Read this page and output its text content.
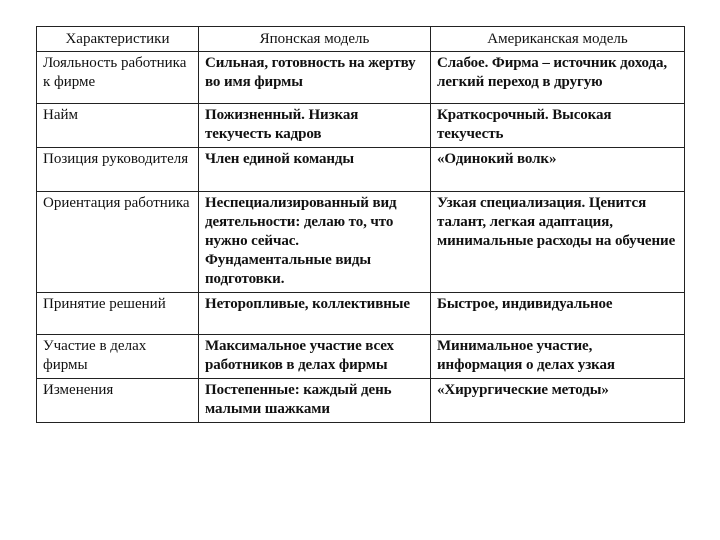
Характеристики	Японская модель	Американская модель
Лояльность работника к фирме	Сильная, готовность на жертву во имя фирмы	Слабое. Фирма – источник дохода, легкий переход в другую
Найм	Пожизненный. Низкая текучесть кадров	Краткосрочный. Высокая текучесть
Позиция руководителя	Член единой команды	«Одинокий волк»
Ориентация работника	Неспециализированный вид деятельности: делаю то, что нужно сейчас. Фундаментальные виды подготовки.	Узкая специализация. Ценится талант, легкая адаптация, минимальные расходы на обучение
Принятие решений	Неторопливые, коллективные	Быстрое, индивидуальное
Участие в делах фирмы	Максимальное участие всех работников в делах фирмы	Минимальное участие, информация о делах узкая
Изменения	Постепенные: каждый день малыми шажками	«Хирургические методы»
